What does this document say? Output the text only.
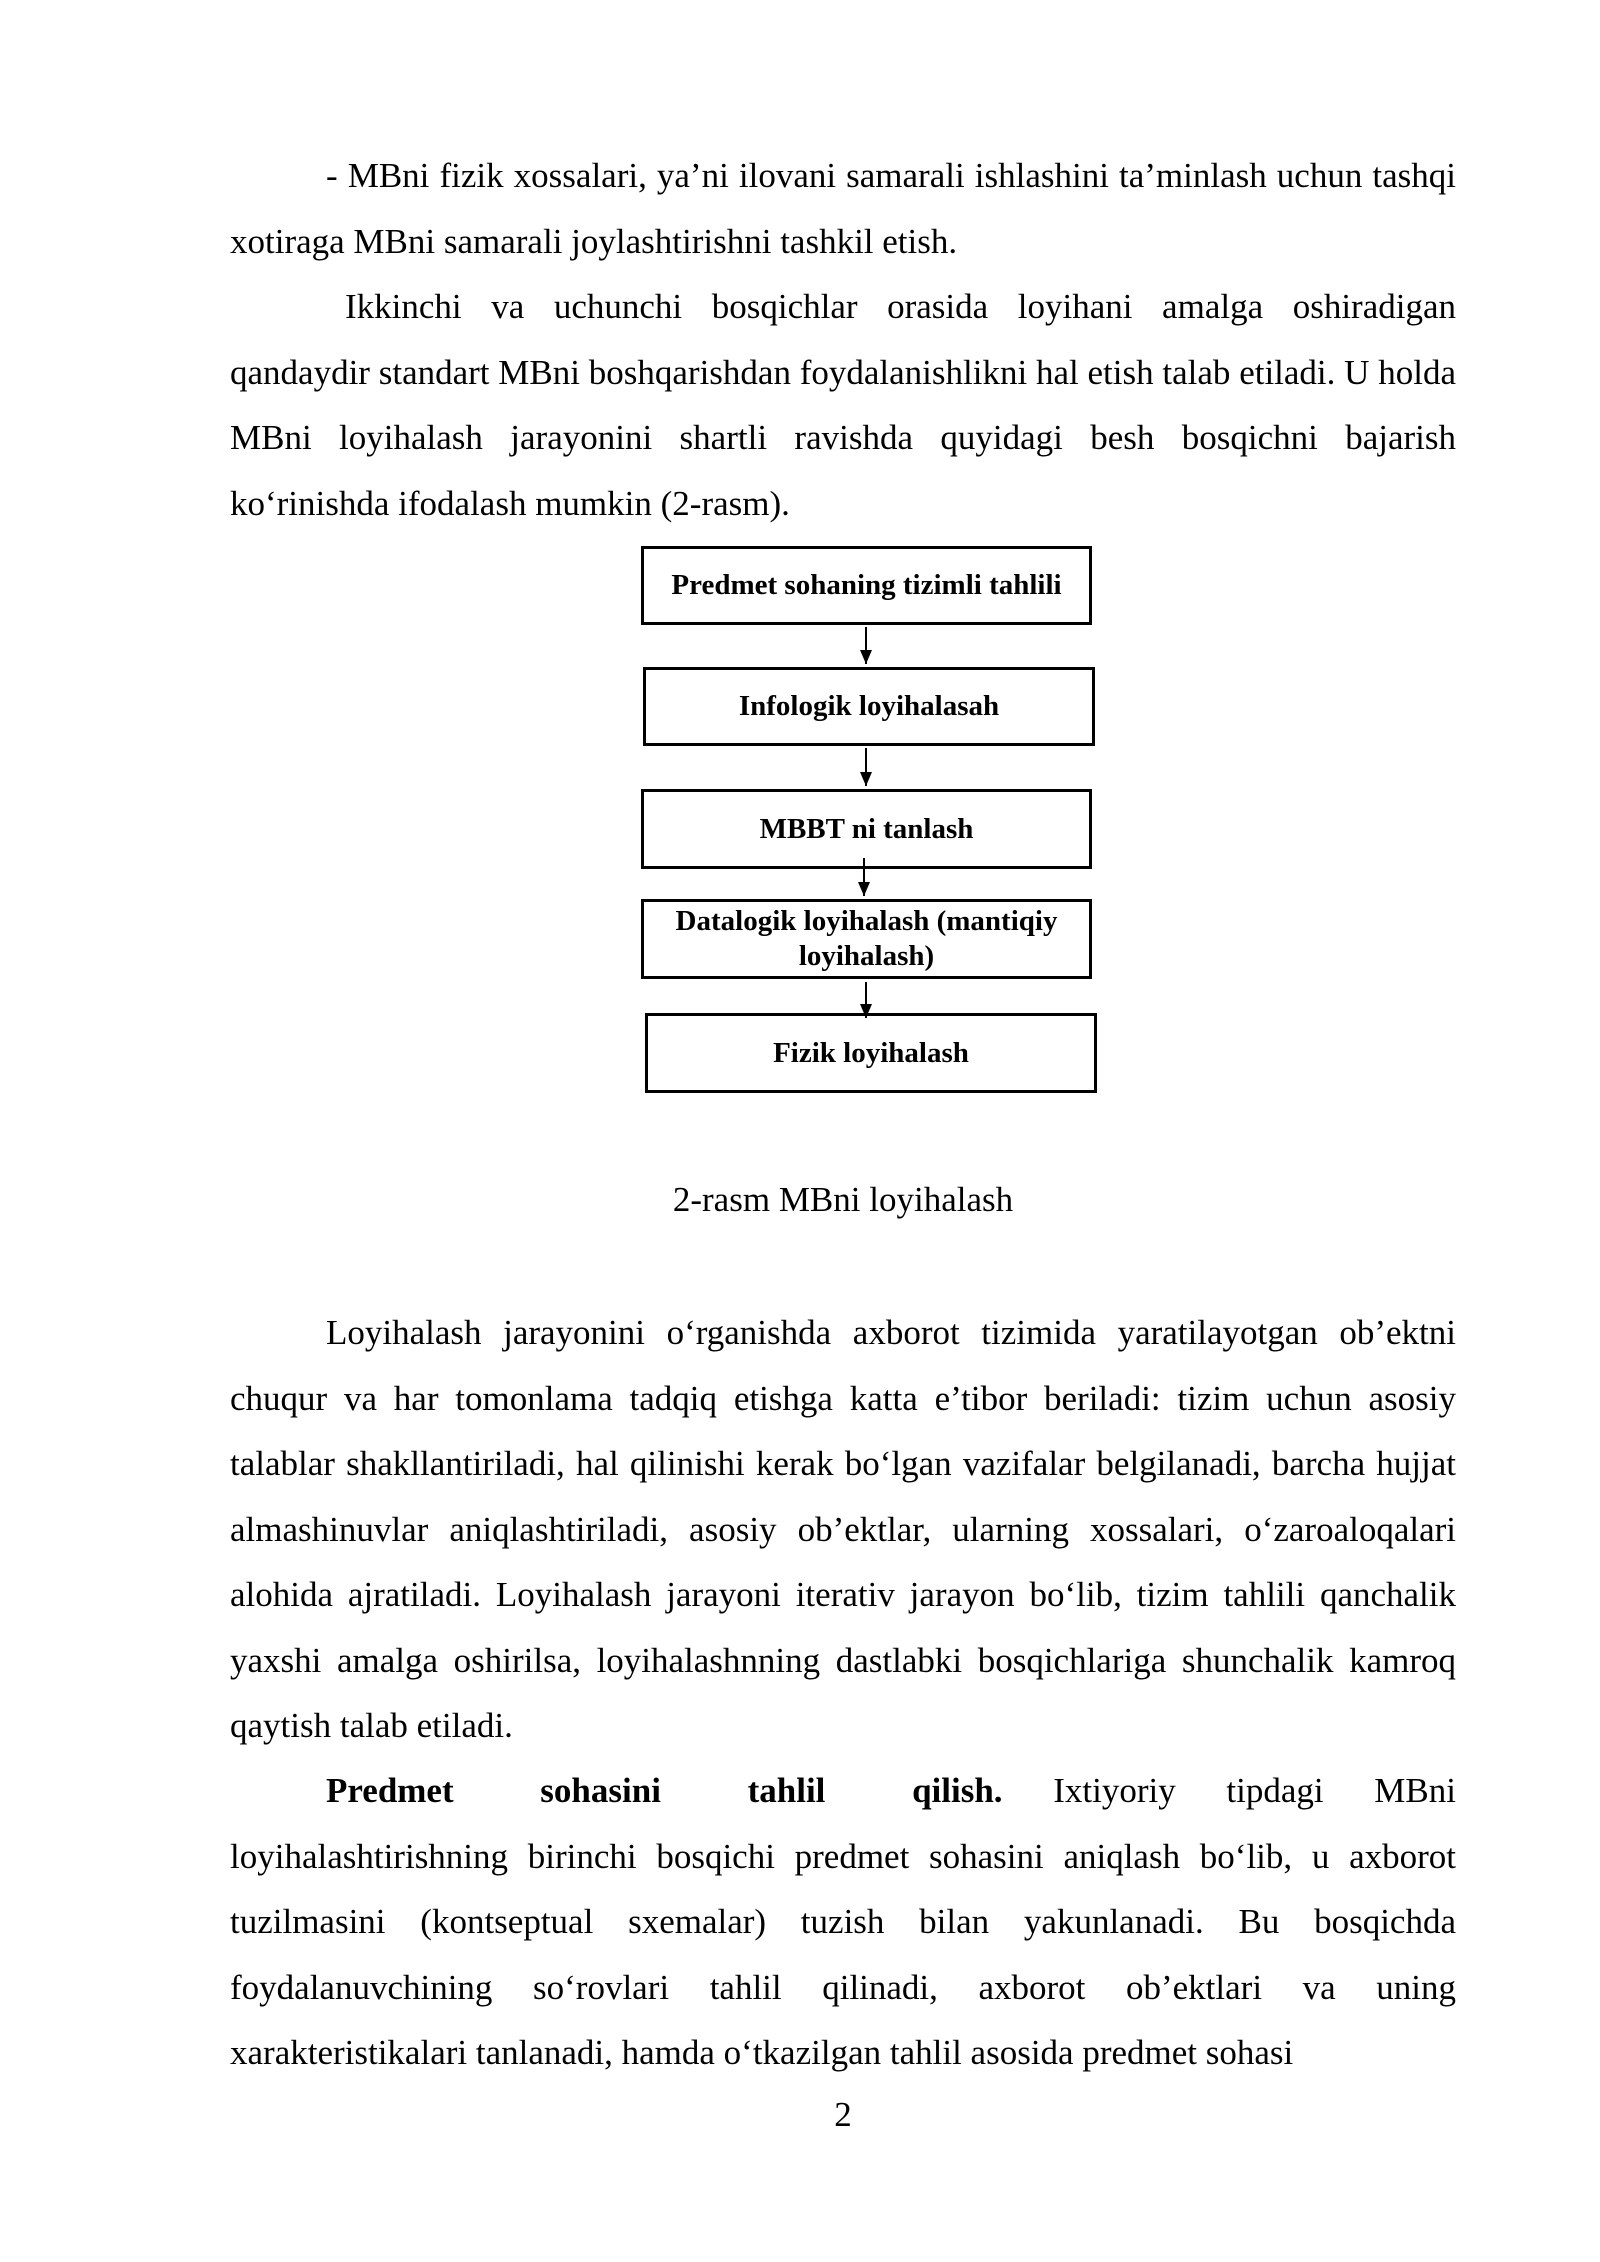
- MBni fizik xossalari, ya’ni ilovani samarali ishlashini ta’minlash uchun tashqi xotiraga MBni samarali joylashtirishni tashkil etish.

Ikkinchi va uchunchi bosqichlar orasida loyihani amalga oshiradigan qandaydir standart MBni boshqarishdan foydalanishlikni hal etish talab etiladi. U holda MBni loyihalash jarayonini shartli ravishda quyidagi besh bosqichni bajarish ko‘rinishda ifodalash mumkin (2-rasm).

Predmet sohaning tizimli tahlili
Infologik loyihalasah
MBBT ni tanlash
Datalogik loyihalash (mantiqiy loyihalash)
Fizik loyihalash
2-rasm MBni loyihalash

Loyihalash jarayonini o‘rganishda axborot tizimida yaratilayotgan ob’ektni chuqur va har tomonlama tadqiq etishga katta e’tibor beriladi: tizim uchun asosiy talablar shakllantiriladi, hal qilinishi kerak bo‘lgan vazifalar belgilanadi, barcha hujjat almashinuvlar aniqlashtiriladi, asosiy ob’ektlar, ularning xossalari, o‘zaroaloqalari alohida ajratiladi. Loyihalash jarayoni iterativ jarayon bo‘lib, tizim tahlili qanchalik yaxshi amalga oshirilsa, loyihalashnning dastlabki bosqichlariga shunchalik kamroq qaytish talab etiladi.

Predmet sohasini tahlil qilish. Ixtiyoriy tipdagi MBni loyihalashtirishning birinchi bosqichi predmet sohasini aniqlash bo‘lib, u axborot tuzilmasini (kontseptual sxemalar) tuzish bilan yakunlanadi. Bu bosqichda foydalanuvchining so‘rovlari tahlil qilinadi, axborot ob’ektlari va uning xarakteristikalari tanlanadi, hamda o‘tkazilgan tahlil asosida predmet sohasi

2
